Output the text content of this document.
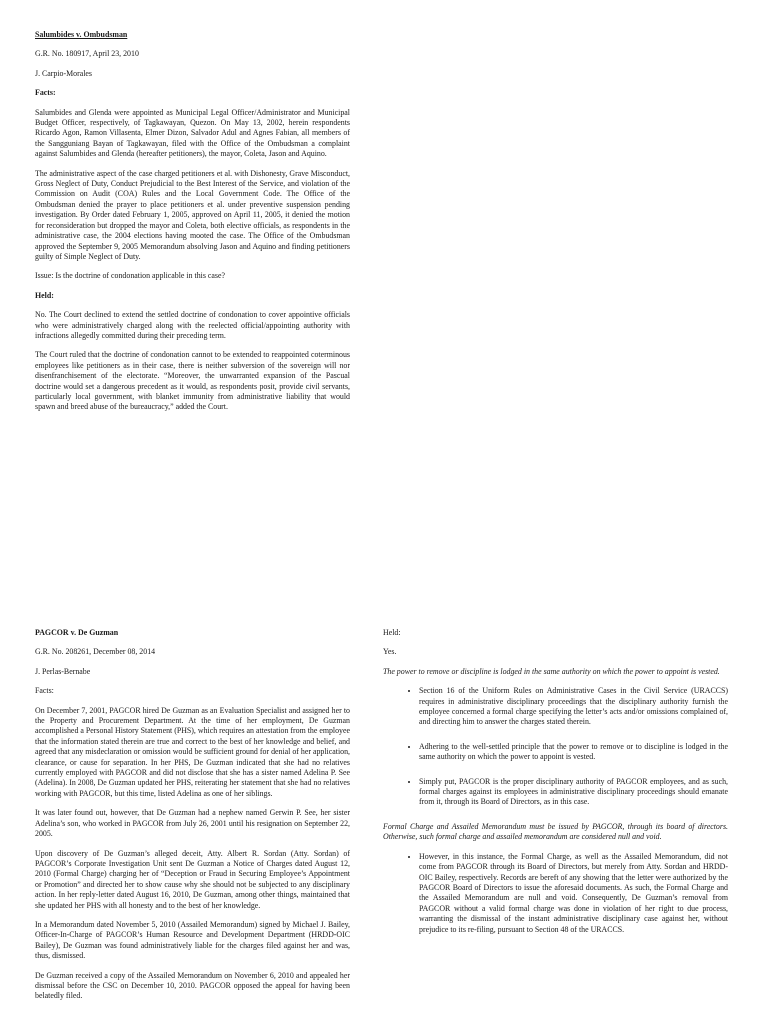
Salumbides v. Ombudsman

G.R. No. 180917, April 23, 2010

J. Carpio-Morales

Facts:

Salumbides and Glenda were appointed as Municipal Legal Officer/Administrator and Municipal Budget Officer, respectively, of Tagkawayan, Quezon. On May 13, 2002, herein respondents Ricardo Agon, Ramon Villasenta, Elmer Dizon, Salvador Adul and Agnes Fabian, all members of the Sangguniang Bayan of Tagkawayan, filed with the Office of the Ombudsman a complaint against Salumbides and Glenda (hereafter petitioners), the mayor, Coleta, Jason and Aquino.

The administrative aspect of the case charged petitioners et al. with Dishonesty, Grave Misconduct, Gross Neglect of Duty, Conduct Prejudicial to the Best Interest of the Service, and violation of the Commission on Audit (COA) Rules and the Local Government Code. The Office of the Ombudsman denied the prayer to place petitioners et al. under preventive suspension pending investigation. By Order dated February 1, 2005, approved on April 11, 2005, it denied the motion for reconsideration but dropped the mayor and Coleta, both elective officials, as respondents in the administrative case, the 2004 elections having mooted the case. The Office of the Ombudsman approved the September 9, 2005 Memorandum absolving Jason and Aquino and finding petitioners guilty of Simple Neglect of Duty.

Issue: Is the doctrine of condonation applicable in this case?

Held:

No. The Court declined to extend the settled doctrine of condonation to cover appointive officials who were administratively charged along with the reelected official/appointing authority with infractions allegedly committed during their preceding term.

The Court ruled that the doctrine of condonation cannot to be extended to reappointed coterminous employees like petitioners as in their case, there is neither subversion of the sovereign will nor disenfranchisement of the electorate. “Moreover, the unwarranted expansion of the Pascual doctrine would set a dangerous precedent as it would, as respondents posit, provide civil servants, particularly local government, with blanket immunity from administrative liability that would spawn and breed abuse of the bureaucracy,” added the Court.

PAGCOR v. De Guzman

G.R. No. 208261, December 08, 2014

J. Perlas-Bernabe

Facts:

On December 7, 2001, PAGCOR hired De Guzman as an Evaluation Specialist and assigned her to the Property and Procurement Department. At the time of her employment, De Guzman accomplished a Personal History Statement (PHS), which requires an attestation from the employee that the information stated therein are true and correct to the best of her knowledge and belief, and agreed that any misdeclaration or omission would be sufficient ground for denial of her application, clearance, or cause for separation. In her PHS, De Guzman indicated that she had no relatives currently employed with PAGCOR and did not disclose that she has a sister named Adelina P. See (Adelina). In 2008, De Guzman updated her PHS, reiterating her statement that she had no relatives working with PAGCOR, but this time, listed Adelina as one of her siblings.

It was later found out, however, that De Guzman had a nephew named Gerwin P. See, her sister Adelina’s son, who worked in PAGCOR from July 26, 2001 until his resignation on September 22, 2005.

Upon discovery of De Guzman’s alleged deceit, Atty. Albert R. Sordan (Atty. Sordan) of PAGCOR’s Corporate Investigation Unit sent De Guzman a Notice of Charges dated August 12, 2010 (Formal Charge) charging her of “Deception or Fraud in Securing Employee’s Appointment or Promotion” and directed her to show cause why she should not be subjected to any disciplinary action. In her reply-letter dated August 16, 2010, De Guzman, among other things, maintained that she updated her PHS with all honesty and to the best of her knowledge.

In a Memorandum dated November 5, 2010 (Assailed Memorandum) signed by Michael J. Bailey, Officer-In-Charge of PAGCOR’s Human Resource and Development Department (HRDD-OIC Bailey), De Guzman was found administratively liable for the charges filed against her and was, thus, dismissed.

De Guzman received a copy of the Assailed Memorandum on November 6, 2010 and appealed her dismissal before the CSC on December 10, 2010. PAGCOR opposed the appeal for having been belatedly filed.

Held:

Yes.

The power to remove or discipline is lodged in the same authority on which the power to appoint is vested.

• Section 16 of the Uniform Rules on Administrative Cases in the Civil Service (URACCS) requires in administrative disciplinary proceedings that the disciplinary authority furnish the employee concerned a formal charge specifying the letter’s acts and/or omissions complained of, and directing him to answer the charges stated therein.
• Adhering to the well-settled principle that the power to remove or to discipline is lodged in the same authority on which the power to appoint is vested.
• Simply put, PAGCOR is the proper disciplinary authority of PAGCOR employees, and as such, formal charges against its employees in administrative disciplinary proceedings should emanate from it, through its Board of Directors, as in this case.

Formal Charge and Assailed Memorandum must be issued by PAGCOR, through its board of directors. Otherwise, such formal charge and assailed memorandum are considered null and void.

• However, in this instance, the Formal Charge, as well as the Assailed Memorandum, did not come from PAGCOR through its Board of Directors, but merely from Atty. Sordan and HRDD-OIC Bailey, respectively. Records are bereft of any showing that the letter were authorized by the PAGCOR Board of Directors to issue the aforesaid documents. As such, the Formal Charge and the Assailed Memorandum are null and void. Consequently, De Guzman’s removal from PAGCOR without a valid formal charge was done in violation of her right to due process, warranting the dismissal of the instant administrative disciplinary case against her, without prejudice to its re-filing, pursuant to Section 48 of the URACCS.
